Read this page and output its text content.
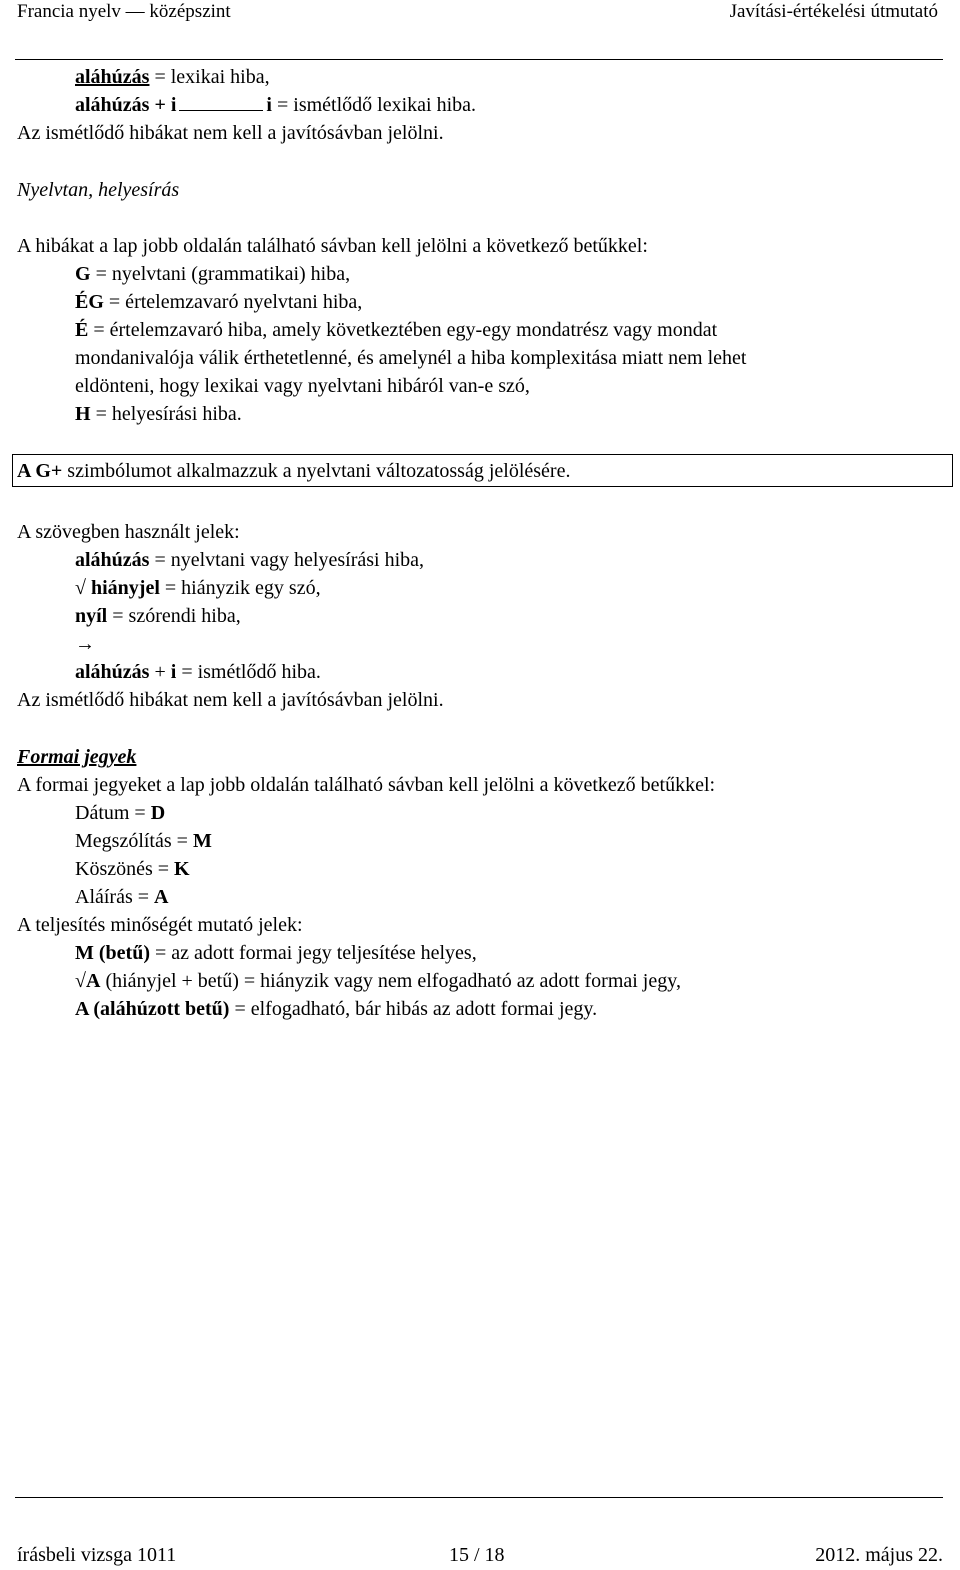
Francia nyelv — középszint	Javítási-értékelési útmutató
aláhúzás = lexikai hiba,
aláhúzás + i	i = ismétlődő lexikai hiba.
Az ismétlődő hibákat nem kell a javítósávban jelölni.
Nyelvtan, helyesírás
A hibákat a lap jobb oldalán található sávban kell jelölni a következő betűkkel:
G = nyelvtani (grammatikai) hiba,
ÉG = értelemzavaró nyelvtani hiba,
É = értelemzavaró hiba, amely következtében egy-egy mondatrész vagy mondat
mondanivalója válik érthetetlenné, és amelynél a hiba komplexitása miatt nem lehet
eldönteni, hogy lexikai vagy nyelvtani hibáról van-e szó,
H = helyesírási hiba.
A G+ szimbólumot alkalmazzuk a nyelvtani változatosság jelölésére.
A szövegben használt jelek:
aláhúzás = nyelvtani vagy helyesírási hiba,
√ hiányjel = hiányzik egy szó,
nyíl = szórendi hiba,
→
aláhúzás + i = ismétlődő hiba.
Az ismétlődő hibákat nem kell a javítósávban jelölni.
Formai jegyek
A formai jegyeket a lap jobb oldalán található sávban kell jelölni a következő betűkkel:
Dátum = D
Megszólítás = M
Köszönés = K
Aláírás = A
A teljesítés minőségét mutató jelek:
M (betű) = az adott formai jegy teljesítése helyes,
√A (hiányjel + betű) = hiányzik vagy nem elfogadható az adott formai jegy,
A (aláhúzott betű) = elfogadható, bár hibás az adott formai jegy.
írásbeli vizsga 1011	15 / 18	2012. május 22.
